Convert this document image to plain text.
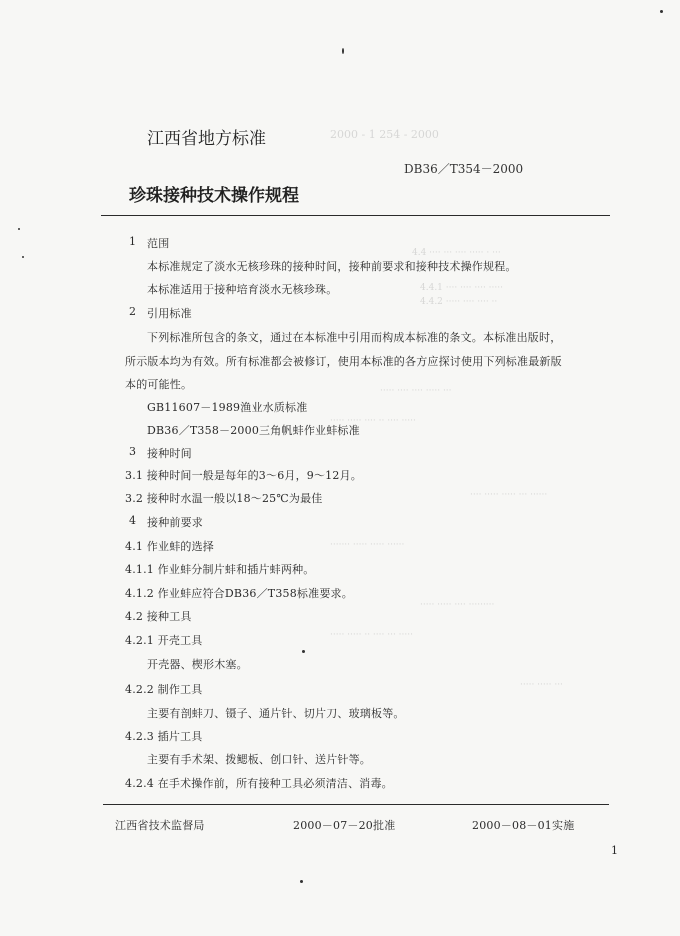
2000 - 1 254 - 2000
4.4 ···· ··· ···· ····· · ···
4.4.1 ···· ···· ···· ·····
4.4.2 ····· ···· ···· ··
····· ···· ···· ····· ···
····· ····· ···· ·· ···· ·····
···· ····· ····· ··· ······
······· ····· ····· ······
····· ····· ···· ·········
····· ····· ·· ···· ··· ·····
····· ····· ···
江西省地方标准
DB36／T354－2000
珍珠接种技术操作规程
1 范围
本标准规定了淡水无核珍珠的接种时间，接种前要求和接种技术操作规程。
本标准适用于接种培育淡水无核珍珠。
2 引用标准
下列标准所包含的条文，通过在本标准中引用而构成本标准的条文。本标准出版时，
所示版本均为有效。所有标准都会被修订，使用本标准的各方应探讨使用下列标准最新版
本的可能性。
GB11607－1989渔业水质标准
DB36／T358－2000三角帆蚌作业蚌标准
3 接种时间
3.1 接种时间一般是每年的3～6月，9～12月。
3.2 接种时水温一般以18～25℃为最佳
4 接种前要求
4.1 作业蚌的选择
4.1.1 作业蚌分制片蚌和插片蚌两种。
4.1.2 作业蚌应符合DB36／T358标准要求。
4.2 接种工具
4.2.1 开壳工具
开壳器、楔形木塞。
4.2.2 制作工具
主要有剖蚌刀、镊子、通片针、切片刀、玻璃板等。
4.2.3 插片工具
主要有手术架、拨鳃板、创口针、送片针等。
4.2.4 在手术操作前，所有接种工具必须清洁、消毒。
江西省技术监督局	2000－07－20批准	2000－08－01实施
1
